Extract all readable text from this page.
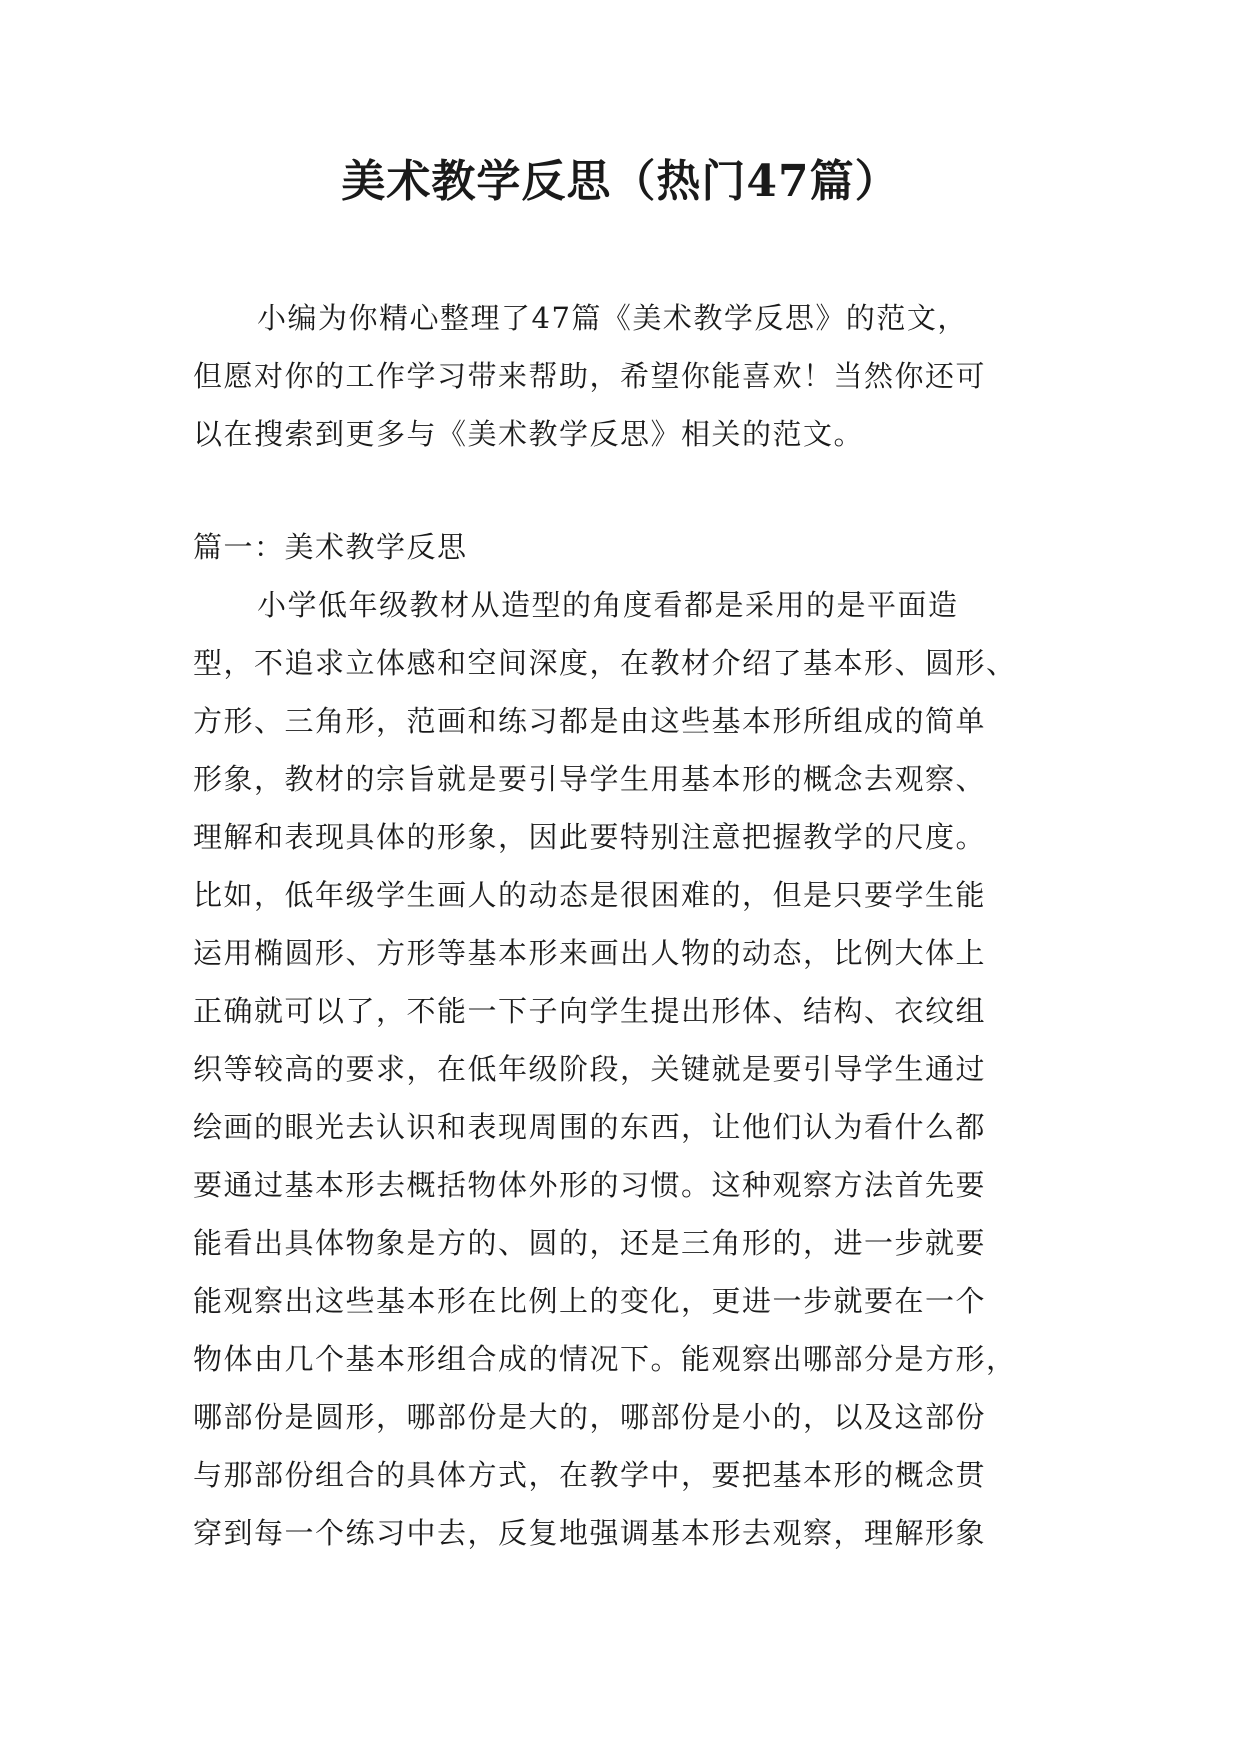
美术教学反思（热门47篇）
小编为你精心整理了47篇《美术教学反思》的范文，
但愿对你的工作学习带来帮助，希望你能喜欢！当然你还可
以在搜索到更多与《美术教学反思》相关的范文。
篇一：美术教学反思
小学低年级教材从造型的角度看都是采用的是平面造
型，不追求立体感和空间深度，在教材介绍了基本形、圆形、
方形、三角形，范画和练习都是由这些基本形所组成的简单
形象，教材的宗旨就是要引导学生用基本形的概念去观察、
理解和表现具体的形象，因此要特别注意把握教学的尺度。
比如，低年级学生画人的动态是很困难的，但是只要学生能
运用椭圆形、方形等基本形来画出人物的动态，比例大体上
正确就可以了，不能一下子向学生提出形体、结构、衣纹组
织等较高的要求，在低年级阶段，关键就是要引导学生通过
绘画的眼光去认识和表现周围的东西，让他们认为看什么都
要通过基本形去概括物体外形的习惯。这种观察方法首先要
能看出具体物象是方的、圆的，还是三角形的，进一步就要
能观察出这些基本形在比例上的变化，更进一步就要在一个
物体由几个基本形组合成的情况下。能观察出哪部分是方形，
哪部份是圆形，哪部份是大的，哪部份是小的，以及这部份
与那部份组合的具体方式，在教学中，要把基本形的概念贯
穿到每一个练习中去，反复地强调基本形去观察，理解形象
